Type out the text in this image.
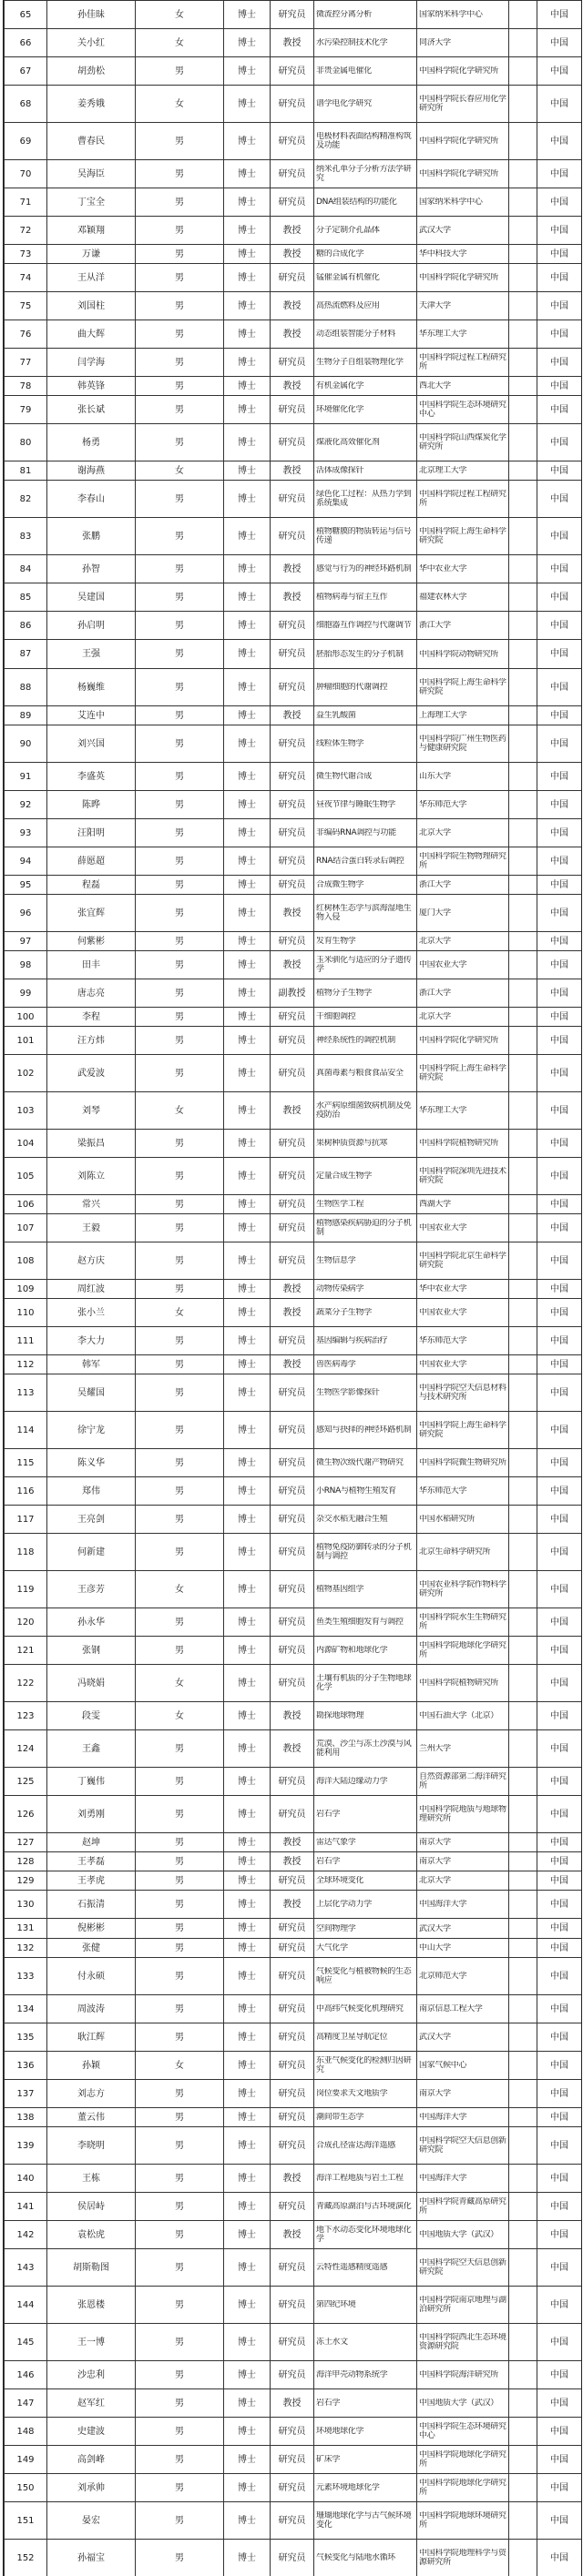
65	孙佳昧	女	博士	研究员	微流控分离分析	国家纳米科学中心		中国
66	关小红	女	博士	教授	水污染控制技术化学	同济大学		中国
67	胡劲松	男	博士	研究员	非贵金属电催化	中国科学院化学研究所		中国
68	姜秀娥	女	博士	研究员	谱学电化学研究	中国科学院长春应用化学研究所		中国
69	曹春民	男	博士	研究员	电极材料表面结构精准构筑及功能	中国科学院化学研究所		中国
70	吴海臣	男	博士	研究员	纳米孔单分子分析方法学研究	中国科学院化学研究所		中国
71	丁宝全	男	博士	研究员	DNA组装结构的功能化	国家纳米科学中心		中国
72	邓颖翔	男	博士	教授	分子定制介孔晶体	武汉大学		中国
73	万谦	男	博士	教授	糖的合成化学	华中科技大学		中国
74	王从洋	男	博士	研究员	锰催金属有机催化	中国科学院化学研究所		中国
75	刘国柱	男	博士	教授	高热流燃料及应用	天津大学		中国
76	曲大辉	男	博士	教授	动态组装智能分子材料	华东理工大学		中国
77	闫学海	男	博士	研究员	生物分子自组装物理化学	中国科学院过程工程研究所		中国
78	韩英锋	男	博士	教授	有机金属化学	西北大学		中国
79	张长斌	男	博士	研究员	环境催化化学	中国科学院生态环境研究中心		中国
80	杨勇	男	博士	研究员	煤液化高效催化剂	中国科学院山西煤炭化学研究所		中国
81	谢海燕	女	博士	教授	活体成像探针	北京理工大学		中国
82	李春山	男	博士	研究员	绿色化工过程：从热力学到系统集成	中国科学院过程工程研究所		中国
83	张鹏	男	博士	研究员	植物糖膜的物质转运与信号传递	中国科学院上海生命科学研究院		中国
84	孙智	男	博士	教授	感觉与行为的神经环路机制	华中农业大学		中国
85	吴建国	男	博士	教授	植物病毒与宿主互作	福建农林大学		中国
86	孙启明	男	博士	研究员	细胞器互作调控与代谢调节	浙江大学		中国
87	王强	男	博士	研究员	胚胎形态发生的分子机制	中国科学院动物研究所		中国
88	杨巍维	男	博士	研究员	肿瘤细胞的代谢调控	中国科学院上海生命科学研究院		中国
89	艾连中	男	博士	教授	益生乳酸菌	上海理工大学		中国
90	刘兴国	男	博士	研究员	线粒体生物学	中国科学院广州生物医药与健康研究院		中国
91	李盛英	男	博士	研究员	微生物代谢合成	山东大学		中国
92	陈晔	男	博士	研究员	昼夜节律与睡眠生物学	华东师范大学		中国
93	汪阳明	男	博士	研究员	非编码RNA调控与功能	北京大学		中国
94	薛愿超	男	博士	研究员	RNA结合蛋白转录后调控	中国科学院生物物理研究所		中国
95	程磊	男	博士	研究员	合成微生物学	浙江大学		中国
96	张宜辉	男	博士	教授	红树林生态学与滨海湿地生物入侵	厦门大学		中国
97	何紫彬	男	博士	研究员	发育生物学	北京大学		中国
98	田丰	男	博士	教授	玉米驯化与适应的分子遗传学	中国农业大学		中国
99	唐志亮	男	博士	副教授	植物分子生物学	浙江大学		中国
100	李程	男	博士	研究员	干细胞调控	北京大学		中国
101	汪方炜	男	博士	研究员	神经系统性的调控机制	中国科学院化学研究所		中国
102	武爱波	男	博士	研究员	真菌毒素与粮食食品安全	中国科学院上海生命科学研究院		中国
103	刘琴	女	博士	教授	水产病原细菌致病机制及免疫防治	华东理工大学		中国
104	梁振昌	男	博士	研究员	果树种质资源与抗寒	中国科学院植物研究所		中国
105	刘陈立	男	博士	研究员	定量合成生物学	中国科学院深圳先进技术研究院		中国
106	常兴	男	博士	研究员	生物医学工程	西湖大学		中国
107	王毅	男	博士	研究员	植物感染疾病胁迫的分子机制	中国农业大学		中国
108	赵方庆	男	博士	研究员	生物信息学	中国科学院北京生命科学研究院		中国
109	周红波	男	博士	教授	动物传染病学	华中农业大学		中国
110	张小兰	女	博士	教授	蔬菜分子生物学	中国农业大学		中国
111	李大力	男	博士	研究员	基因编辑与疾病治疗	华东师范大学		中国
112	韩军	男	博士	教授	兽医病毒学	中国农业大学		中国
113	吴耀国	男	博士	研究员	生物医学影像探针	中国科学院空天信息材料与技术研究所		中国
114	徐宁龙	男	博士	研究员	感知与抉择的神经环路机制	中国科学院上海生命科学研究院		中国
115	陈义华	男	博士	研究员	微生物次级代谢产物研究	中国科学院微生物研究所		中国
116	郑伟	男	博士	研究员	小RNA与植物生殖发育	华东师范大学		中国
117	王亮剑	男	博士	研究员	杂交水稻无融合生殖	中国水稻研究所		中国
118	何新建	男	博士	研究员	植物免疫防御转录的分子机制与调控	北京生命科学研究所		中国
119	王彦芳	女	博士	研究员	植物基因组学	中国农业科学院作物科学研究所		中国
120	孙永华	男	博士	研究员	鱼类生殖细胞发育与调控	中国科学院水生生物研究所		中国
121	张钢	男	博士	研究员	内源矿物和地球化学	中国科学院地球化学研究所		中国
122	冯晓娟	女	博士	研究员	土壤有机质的分子生物地球化学	中国科学院植物研究所		中国
123	段雯	女	博士	教授	勘探地球物理	中国石油大学（北京）		中国
124	王鑫	男	博士	教授	荒漠、沙尘与冻土沙漠与风能利用	兰州大学		中国
125	丁巍伟	男	博士	研究员	海洋大陆边缘动力学	自然资源部第二海洋研究所		中国
126	刘勇刚	男	博士	研究员	岩石学	中国科学院地质与地球物理研究所		中国
127	赵坤	男	博士	教授	雷达气象学	南京大学		中国
128	王孝磊	男	博士	教授	岩石学	南京大学		中国
129	王孝虎	男	博士	研究员	全球环境变化	北京大学		中国
130	石振清	男	博士	教授	上层化学动力学	中国海洋大学		中国
131	倪彬彬	男	博士	研究员	空间物理学	武汉大学		中国
132	张健	男	博士	研究员	大气化学	中山大学		中国
133	付永硕	男	博士	研究员	气候变化与植被物候的生态响应	北京师范大学		中国
134	周波涛	男	博士	研究员	中高纬气候变化机理研究	南京信息工程大学		中国
135	耿江辉	男	博士	研究员	高精度卫星导航定位	武汉大学		中国
136	孙颖	女	博士	研究员	东亚气候变化的检测归因研究	国家气候中心		中国
137	刘志方	男	博士	研究员	岗位要求天文地质学	南京大学		中国
138	董云伟	男	博士	研究员	潮间带生态学	中国海洋大学		中国
139	李晓明	男	博士	研究员	合成孔径雷达海洋遥感	中国科学院空天信息创新研究院		中国
140	王栋	男	博士	教授	海洋工程地质与岩土工程	中国海洋大学		中国
141	侯居峙	男	博士	研究员	青藏高原湖泊与古环境演化	中国科学院青藏高原研究所		中国
142	袁松虎	男	博士	教授	地下水动态变化环境地球化学	中国地质大学（武汉）		中国
143	胡斯勒图	男	博士	研究员	云特性遥感精度遥感	中国科学院空天信息创新研究院		中国
144	张恩楼	男	博士	研究员	第四纪环境	中国科学院南京地理与湖泊研究所		中国
145	王一博	男	博士	研究员	冻土水文	中国科学院西北生态环境资源研究院		中国
146	沙忠利	男	博士	研究员	海洋甲壳动物系统学	中国科学院海洋研究所		中国
147	赵军红	男	博士	教授	岩石学	中国地质大学（武汉）		中国
148	史建波	男	博士	研究员	环境地球化学	中国科学院生态环境研究中心		中国
149	高剑峰	男	博士	研究员	矿床学	中国科学院地球化学研究所		中国
150	刘承帅	男	博士	研究员	元素环境地球化学	中国科学院地球化学研究所		中国
151	晏宏	男	博士	研究员	珊瑚地球化学与古气候环境变化	中国科学院地球环境研究所		中国
152	孙福宝	男	博士	研究员	气候变化与陆地水循环	中国科学院地理科学与资源研究所		中国
